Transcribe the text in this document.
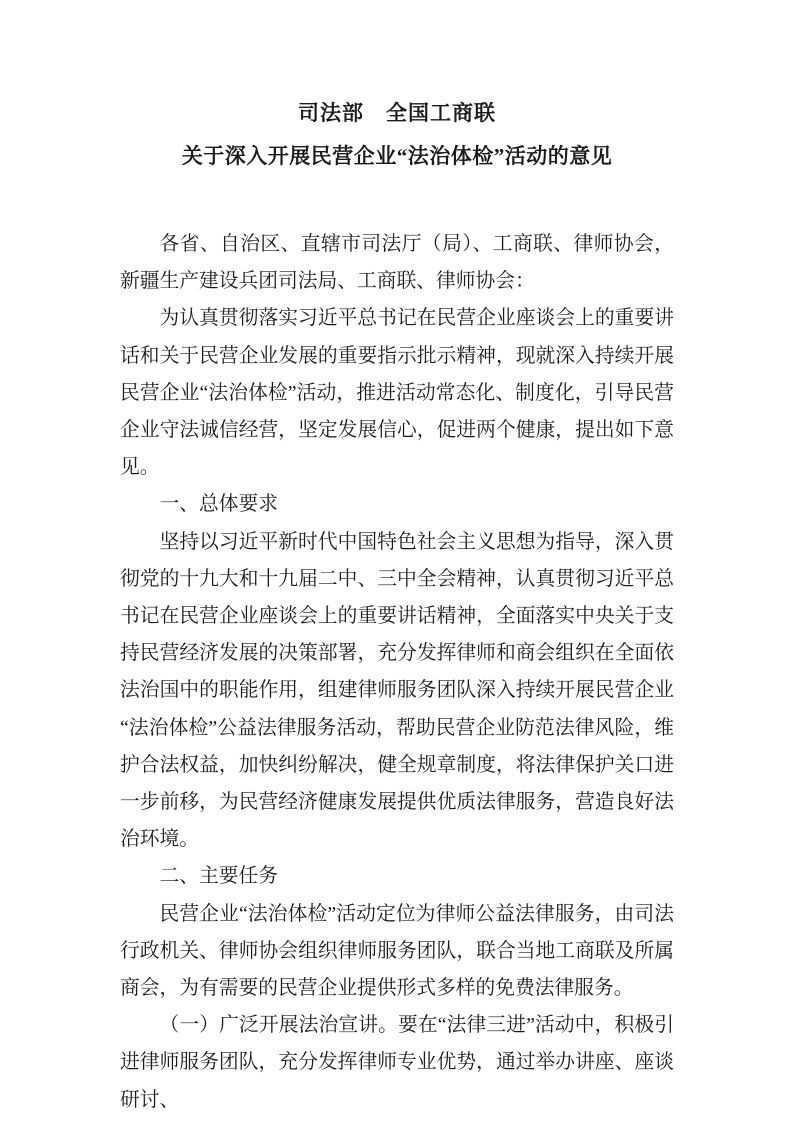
司法部　全国工商联
关于深入开展民营企业“法治体检”活动的意见

各省、自治区、直辖市司法厅（局）、工商联、律师协会，新疆生产建设兵团司法局、工商联、律师协会：

为认真贯彻落实习近平总书记在民营企业座谈会上的重要讲话和关于民营企业发展的重要指示批示精神，现就深入持续开展民营企业“法治体检”活动，推进活动常态化、制度化，引导民营企业守法诚信经营，坚定发展信心，促进两个健康，提出如下意见。

一、总体要求

坚持以习近平新时代中国特色社会主义思想为指导，深入贯彻党的十九大和十九届二中、三中全会精神，认真贯彻习近平总书记在民营企业座谈会上的重要讲话精神，全面落实中央关于支持民营经济发展的决策部署，充分发挥律师和商会组织在全面依法治国中的职能作用，组建律师服务团队深入持续开展民营企业“法治体检”公益法律服务活动，帮助民营企业防范法律风险，维护合法权益，加快纠纷解决，健全规章制度，将法律保护关口进一步前移，为民营经济健康发展提供优质法律服务，营造良好法治环境。

二、主要任务

民营企业“法治体检”活动定位为律师公益法律服务，由司法行政机关、律师协会组织律师服务团队，联合当地工商联及所属商会，为有需要的民营企业提供形式多样的免费法律服务。

（一）广泛开展法治宣讲。要在“法律三进”活动中，积极引进律师服务团队，充分发挥律师专业优势，通过举办讲座、座谈研讨、
